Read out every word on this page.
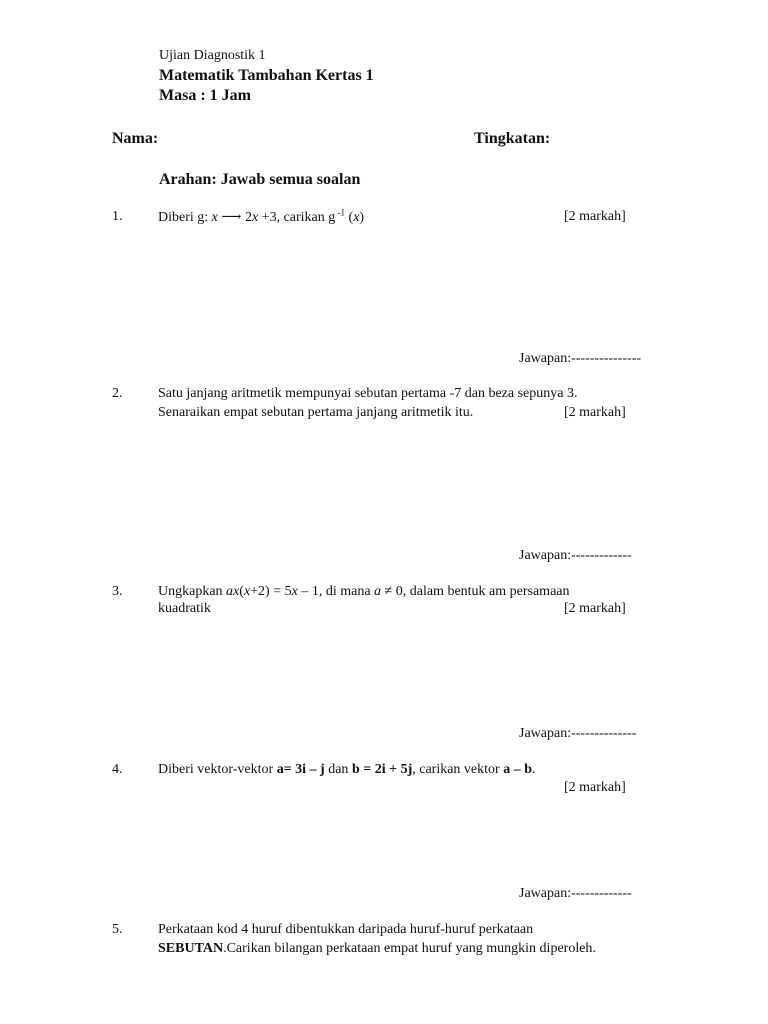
Ujian Diagnostik 1
Matematik Tambahan Kertas 1
Masa : 1 Jam
Nama:	Tingkatan:
Arahan: Jawab semua soalan
1.	Diberi g: x ⟶ 2x +3, carikan g $^{-1}$ (x)	[2 markah]
Jawapan:---------------
2.	Satu janjang aritmetik mempunyai sebutan pertama -7 dan beza sepunya 3.
Senaraikan empat sebutan pertama janjang aritmetik itu.	[2 markah]
Jawapan:-------------
3.	Ungkapkan ax(x+2) = 5x – 1, di mana a ≠ 0, dalam bentuk am persamaan
kuadratik	[2 markah]
Jawapan:--------------
4.	Diberi vektor-vektor a= 3i – j dan b = 2i + 5j, carikan vektor a – b.
[2 markah]
Jawapan:-------------
5.	Perkataan kod 4 huruf dibentukkan daripada huruf-huruf perkataan
SEBUTAN.Carikan bilangan perkataan empat huruf yang mungkin diperoleh.
